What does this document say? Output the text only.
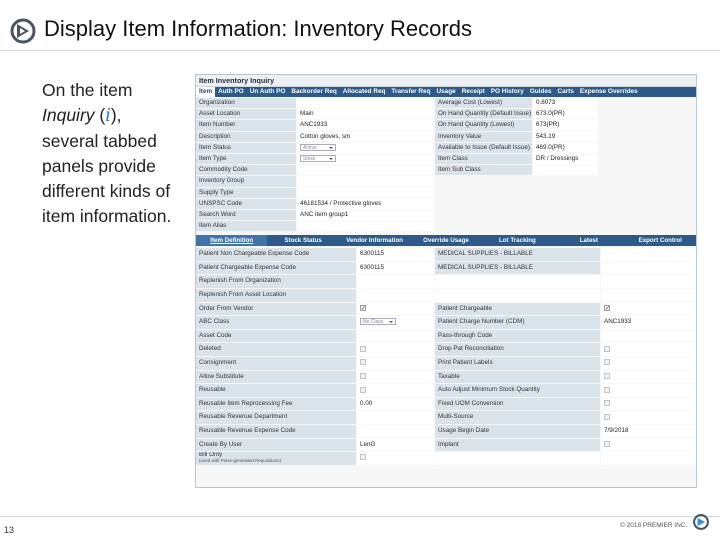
Display Item Information: Inventory Records
On the item Inquiry (i), several tabbed panels provide different kinds of item information.
Item Inventory Inquiry
Item Auth PO Un Auth PO Backorder Req Allocated Req Transfer Req Usage Receipt PO History Guides Carts Expense Overrides
Organization	Average Cost (Lowest)	0.8073
Asset Location	Main	On Hand Quantity (Default Issue) 673.0(PR)
Item Number	ANC1933	On Hand Quantity (Lowest)	673(PR)
Description	Cotton gloves, sm	Inventory Value	543.19
Item Status	Active	Available to Issue (Default Issue) 469.0(PR)
Item Type	Stock	Item Class	DR / Dressings
Commodity Code	Item Sub Class
Inventory Group
Supply Type
UNSPSC Code	46181534 / Protective gloves
Search Word	ANC item group1
Item Alias
Item Definition	Stock Status	Vendor Information	Override Usage	Lot Tracking	Latest	Export Control
Patient Non Chargeable Expense Code	6300115	MEDICAL SUPPLIES - BILLABLE
Patient Chargeable Expense Code	6300115	MEDICAL SUPPLIES - BILLABLE
Replenish From Organization
Replenish From Asset Location
Order From Vendor
✓	Patient Chargeable
✓
ABC Class	No Class	Patient Charge Number (CDM)	ANC1933
Asset Code	Pass-through Code
Deleted	Drop Pat Reconciliation
Consignment	Print Patient Labels
Allow Substitute	Taxable
Reusable	Auto Adjust Minimum Stock Quantity
Reusable Item Reprocessing Fee	0.00	Fixed UOM Conversion
Reusable Revenue Department	Multi-Source
Reusable Revenue Expense Code	Usage Begin Date	7/9/2018
Create By User	LenG	Implant
Bill Only
(used with Pulse-generated Requisitions)
13	© 2018 PREMIER INC.
